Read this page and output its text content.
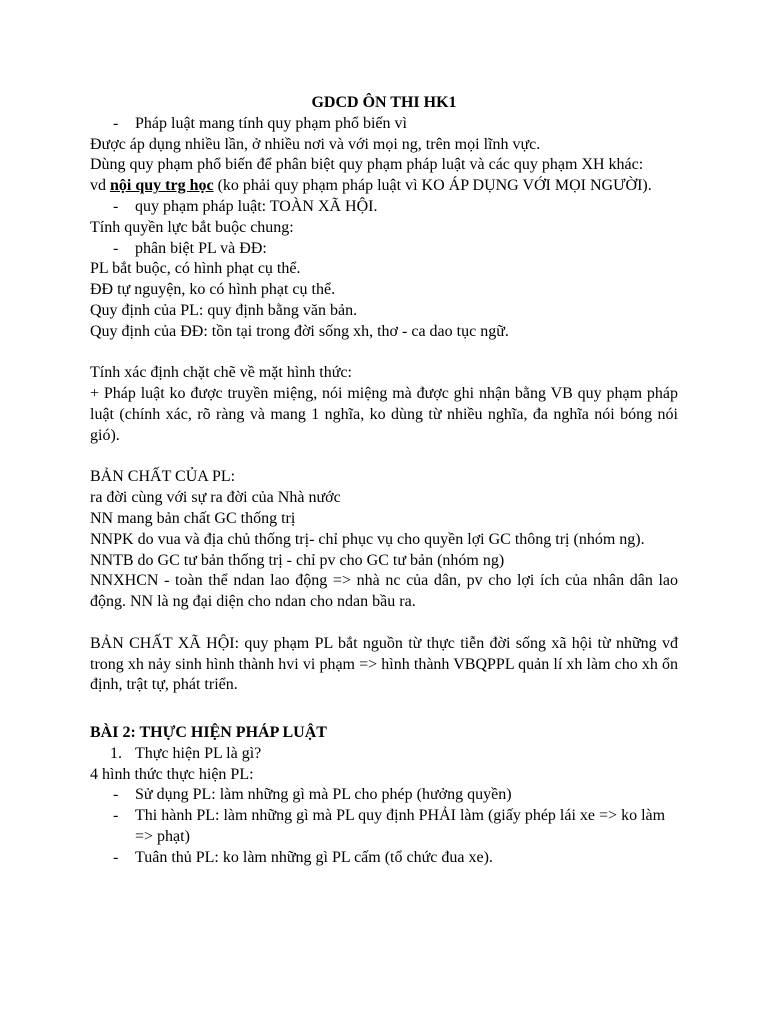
GDCD ÔN THI HK1
- Pháp luật mang tính quy phạm phổ biến vì

Được áp dụng nhiều lần, ở nhiều nơi và với mọi ng, trên mọi lĩnh vực.

Dùng quy phạm phổ biến để phân biệt quy phạm pháp luật và các quy phạm XH khác:

vd nội quy trg học (ko phải quy phạm pháp luật vì KO ÁP DỤNG VỚI MỌI NGƯỜI).

- quy phạm pháp luật: TOÀN XÃ HỘI.

Tính quyền lực bắt buộc chung:

- phân biệt PL và ĐĐ:

PL bắt buộc, có hình phạt cụ thể.

ĐĐ tự nguyện, ko có hình phạt cụ thể.

Quy định của PL: quy định bằng văn bản.

Quy định của ĐĐ: tồn tại trong đời sống xh, thơ - ca dao tục ngữ.

Tính xác định chặt chẽ về mặt hình thức:

+ Pháp luật ko được truyền miệng, nói miệng mà được ghi nhận bằng VB quy phạm pháp luật (chính xác, rõ ràng và mang 1 nghĩa, ko dùng từ nhiều nghĩa, đa nghĩa nói bóng nói gió).

BẢN CHẤT CỦA PL:

ra đời cùng với sự ra đời của Nhà nước

NN mang bản chất GC thống trị

NNPK do vua và địa chủ thống trị- chỉ phục vụ cho quyền lợi GC thông trị (nhóm ng).

NNTB do GC tư bản thống trị - chỉ pv cho GC tư bản (nhóm ng)

NNXHCN - toàn thể ndan lao động => nhà nc của dân, pv cho lợi ích của nhân dân lao động. NN là ng đại diện cho ndan cho ndan bầu ra.

BẢN CHẤT XÃ HỘI: quy phạm PL bắt nguồn từ thực tiễn đời sống xã hội từ những vđ trong xh nảy sinh hình thành hvi vi phạm => hình thành VBQPPL quản lí xh làm cho xh ổn định, trật tự, phát triển.

BÀI 2: THỰC HIỆN PHÁP LUẬT

1. Thực hiện PL là gì?

4 hình thức thực hiện PL:

- Sử dụng PL: làm những gì mà PL cho phép (hưởng quyền)
- Thi hành PL: làm những gì mà PL quy định PHẢI làm (giấy phép lái xe => ko làm => phạt)
- Tuân thủ PL: ko làm những gì PL cấm (tổ chức đua xe).
